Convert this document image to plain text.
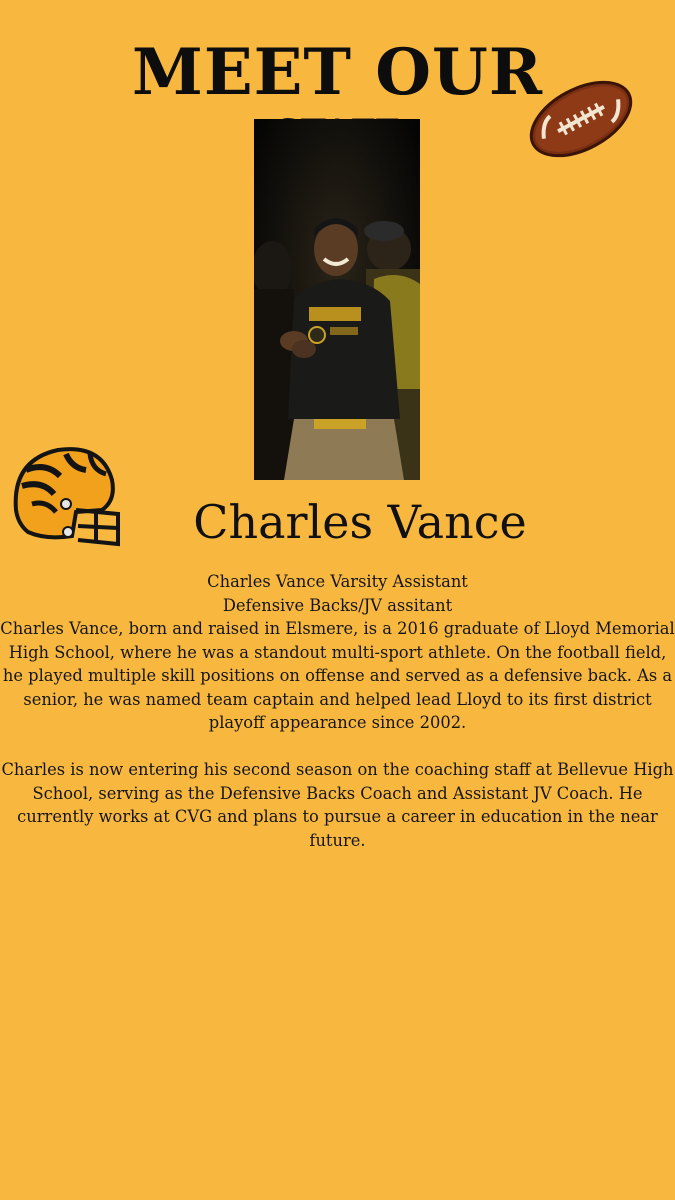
MEET OUR
Charles Vance

Charles Vance Varsity Assistant

Defensive Backs/JV assitant

Charles Vance, born and raised in Elsmere, is a 2016 graduate of Lloyd Memorial High School, where he was a standout multi-sport athlete. On the football field, he played multiple skill positions on offense and served as a defensive back. As a senior, he was named team captain and helped lead Lloyd to its first district playoff appearance since 2002.

Charles is now entering his second season on the coaching staff at Bellevue High School, serving as the Defensive Backs Coach and Assistant JV Coach. He currently works at CVG and plans to pursue a career in education in the near future.
